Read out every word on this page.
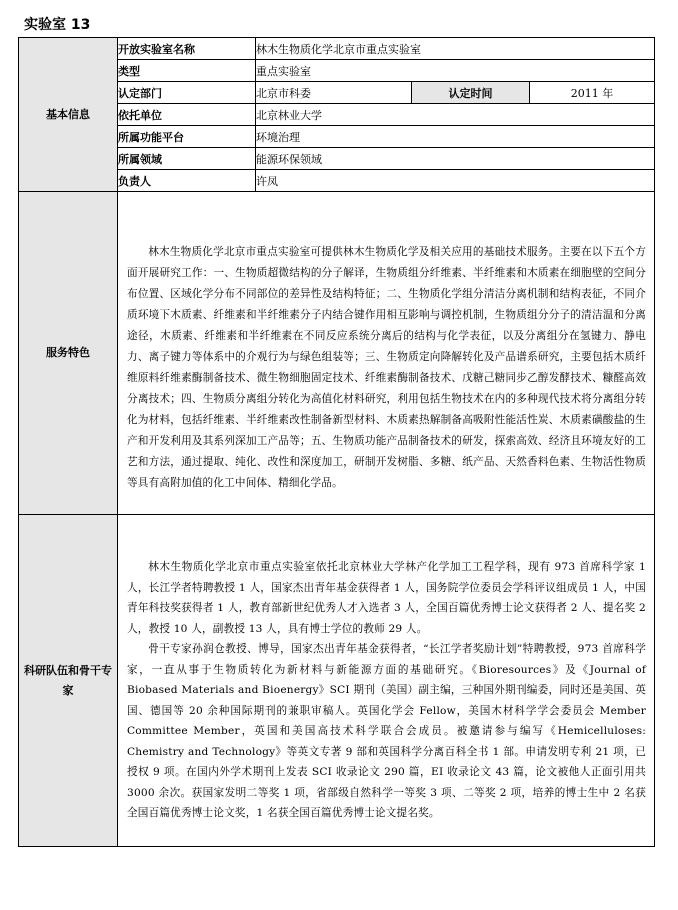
实验室 13
基本信息	开放实验室名称	林木生物质化学北京市重点实验室		
	类型	重点实验室		
	认定部门	北京市科委	认定时间	2011 年
	依托单位	北京林业大学		
	所属功能平台	环境治理		
	所属领域	能源环保领域		
	负责人	许凤		
服务特色	林木生物质化学北京市重点实验室可提供林木生物质化学及相关应用的基础技术服务。主要在以下五个方面开展研究工作：一、生物质超微结构的分子解译，生物质组分纤维素、半纤维素和木质素在细胞壁的空间分布位置、区域化学分布不同部位的差异性及结构特征；二、生物质化学组分清洁分离机制和结构表征，不同介质环境下木质素、纤维素和半纤维素分子内结合键作用相互影响与调控机制，生物质组分分子的清洁温和分离途径，木质素、纤维素和半纤维素在不同反应系统分离后的结构与化学表征，以及分离组分在氢键力、静电力、离子键力等体系中的介观行为与绿色组装等；三、生物质定向降解转化及产品谱系研究，主要包括木质纤维原料纤维素酶制备技术、微生物细胞固定技术、纤维素酶制备技术、戊糖己糖同步乙醇发酵技术、糠醛高效分离技术；四、生物质分离组分转化为高值化材料研究，利用包括生物技术在内的多种现代技术将分离组分转化为材料，包括纤维素、半纤维素改性制备新型材料、木质素热解制备高吸附性能活性炭、木质素磺酸盐的生产和开发利用及其系列深加工产品等；五、生物质功能产品制备技术的研发，探索高效、经济且环境友好的工艺和方法，通过提取、纯化、改性和深度加工，研制开发树脂、多糖、纸产品、天然香料色素、生物活性物质等具有高附加值的化工中间体、精细化学品。			

科研队伍和骨干专家	林木生物质化学北京市重点实验室依托北京林业大学林产化学加工工程学科，现有 973 首席科学家 1 人，长江学者特聘教授 1 人，国家杰出青年基金获得者 1 人，国务院学位委员会学科评议组成员 1 人，中国青年科技奖获得者 1 人，教育部新世纪优秀人才入选者 3 人，全国百篇优秀博士论文获得者 2 人、提名奖 2 人，教授 10 人，副教授 13 人，具有博士学位的教师 29 人。

骨干专家孙润仓教授、博导，国家杰出青年基金获得者，“长江学者奖励计划”特聘教授，973 首席科学家，一直从事于生物质转化为新材料与新能源方面的基础研究。《Bioresources》及《Journal of Biobased Materials and Bioenergy》SCI 期刊（美国）副主编，三种国外期刊编委，同时还是美国、英国、德国等 20 余种国际期刊的兼职审稿人。英国化学会 Fellow，美国木材科学学会委员会 Member Committee Member，英国和美国高技术科学联合会成员。被邀请参与编写《Hemicelluloses: Chemistry and Technology》等英文专著 9 部和英国科学分离百科全书 1 部。申请发明专利 21 项，已授权 9 项。在国内外学术期刊上发表 SCI 收录论文 290 篇，EI 收录论文 43 篇，论文被他人正面引用共 3000 余次。获国家发明二等奖 1 项，省部级自然科学一等奖 3 项、二等奖 2 项，培养的博士生中 2 名获全国百篇优秀博士论文奖，1 名获全国百篇优秀博士论文提名奖。			
